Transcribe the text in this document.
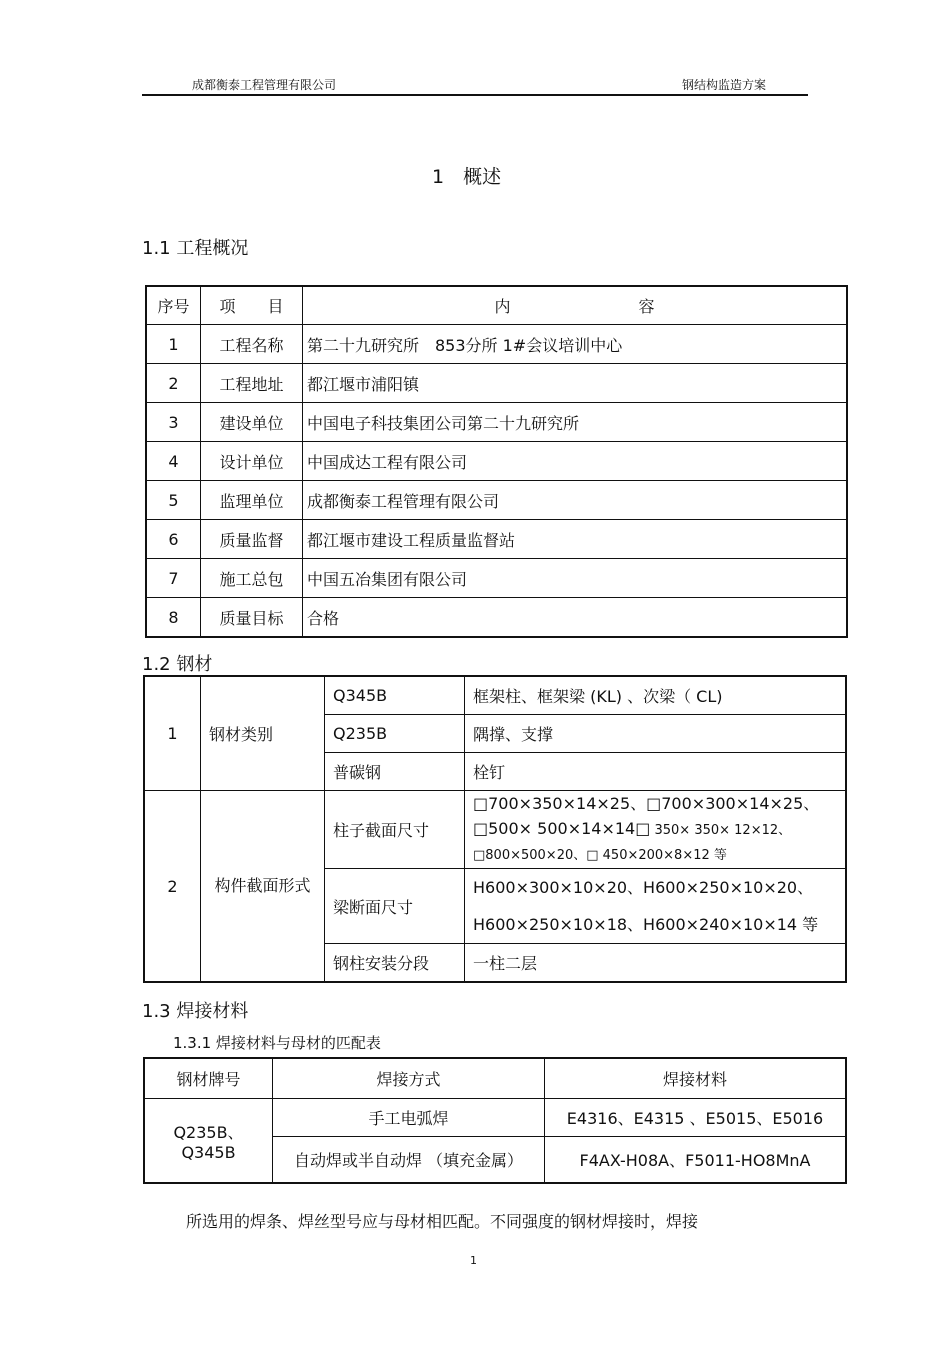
成都衡泰工程管理有限公司	钢结构监造方案
1　概述
1.1 工程概况
序号	项　　目	内　　　　　　　　容
1	工程名称	第二十九研究所　853分所 1#会议培训中心
2	工程地址	都江堰市浦阳镇
3	建设单位	中国电子科技集团公司第二十九研究所
4	设计单位	中国成达工程有限公司
5	监理单位	成都衡泰工程管理有限公司
6	质量监督	都江堰市建设工程质量监督站
7	施工总包	中国五冶集团有限公司
8	质量目标	合格
1.2 钢材
1	钢材类别	Q345B	框架柱、框架梁 (KL) 、次梁（ CL)
		Q235B	隅撑、支撑
		普碳钢	栓钉
2	构件截面形式	柱子截面尺寸	□700×350×14×25、□700×300×14×25、
□500× 500×14×14□ 350× 350× 12×12、
□800×500×20、□ 450×200×8×12 等

		梁断面尺寸	H600×300×10×20、H600×250×10×20、
H600×250×10×18、H600×240×10×14 等

		钢柱安装分段	一柱二层
1.3 焊接材料
1.3.1 焊接材料与母材的匹配表
钢材牌号	焊接方式	焊接材料
Q235B、Q345B	手工电弧焊	E4316、E4315 、E5015、E5016
	自动焊或半自动焊 （填充金属）	F4AX-H08A、F5011-HO8MnA
所选用的焊条、焊丝型号应与母材相匹配。不同强度的钢材焊接时，焊接
1
